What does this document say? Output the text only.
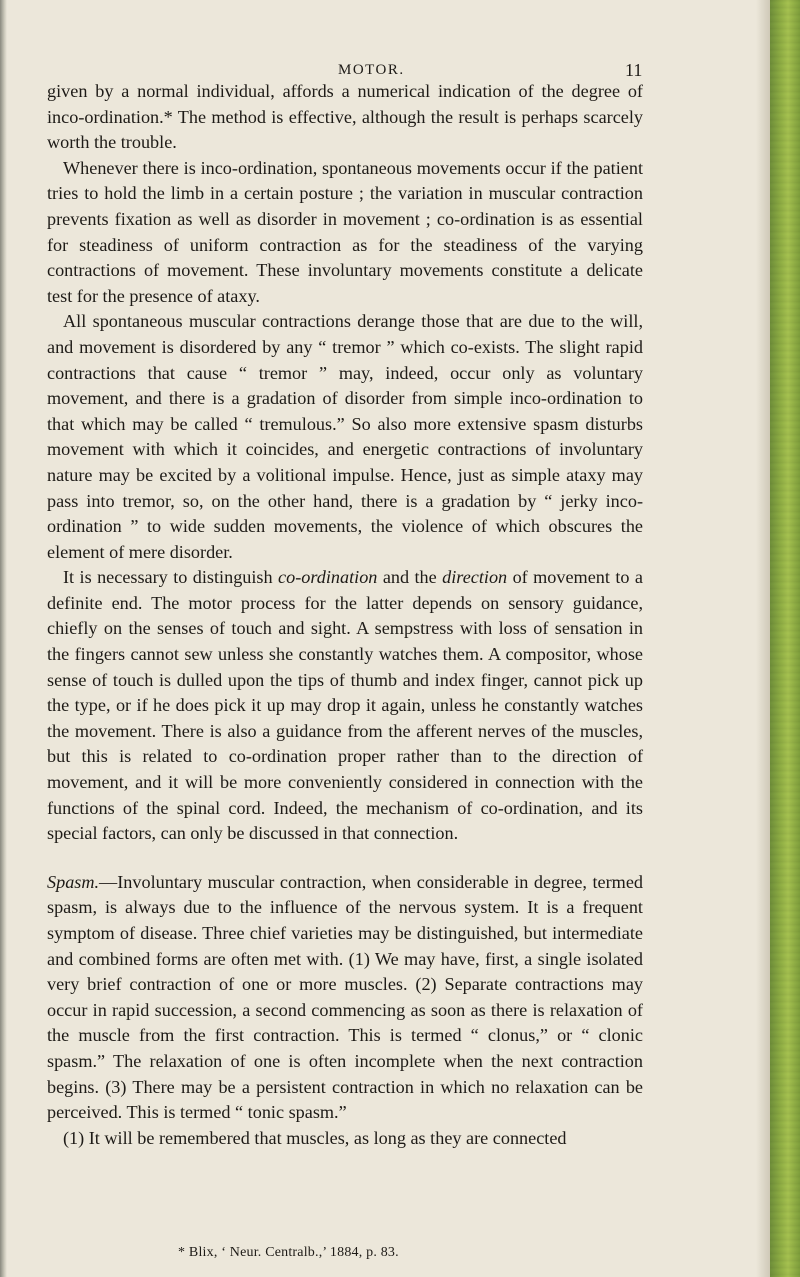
MOTOR.	11

given by a normal individual, affords a numerical indication of the degree of inco-ordination.* The method is effective, although the result is perhaps scarcely worth the trouble.

Whenever there is inco-ordination, spontaneous movements occur if the patient tries to hold the limb in a certain posture ; the variation in muscular contraction prevents fixation as well as disorder in movement ; co-ordination is as essential for steadiness of uniform contraction as for the steadiness of the varying contractions of movement. These involuntary movements constitute a delicate test for the presence of ataxy.

All spontaneous muscular contractions derange those that are due to the will, and movement is disordered by any “ tremor ” which co-exists. The slight rapid contractions that cause “ tremor ” may, indeed, occur only as voluntary movement, and there is a gradation of disorder from simple inco-ordination to that which may be called “ tremulous.” So also more extensive spasm disturbs movement with which it coincides, and energetic contractions of involuntary nature may be excited by a volitional impulse. Hence, just as simple ataxy may pass into tremor, so, on the other hand, there is a gradation by “ jerky inco-ordination ” to wide sudden movements, the violence of which obscures the element of mere disorder.

It is necessary to distinguish co-ordination and the direction of movement to a definite end. The motor process for the latter depends on sensory guidance, chiefly on the senses of touch and sight. A sempstress with loss of sensation in the fingers cannot sew unless she constantly watches them. A compositor, whose sense of touch is dulled upon the tips of thumb and index finger, cannot pick up the type, or if he does pick it up may drop it again, unless he constantly watches the movement. There is also a guidance from the afferent nerves of the muscles, but this is related to co-ordination proper rather than to the direction of movement, and it will be more conveniently considered in connection with the functions of the spinal cord. Indeed, the mechanism of co-ordination, and its special factors, can only be discussed in that connection.

Spasm.—Involuntary muscular contraction, when considerable in degree, termed spasm, is always due to the influence of the nervous system. It is a frequent symptom of disease. Three chief varieties may be distinguished, but intermediate and combined forms are often met with. (1) We may have, first, a single isolated very brief contraction of one or more muscles. (2) Separate contractions may occur in rapid succession, a second commencing as soon as there is relaxation of the muscle from the first contraction. This is termed “ clonus,” or “ clonic spasm.” The relaxation of one is often incomplete when the next contraction begins. (3) There may be a persistent contraction in which no relaxation can be perceived. This is termed “ tonic spasm.”

(1) It will be remembered that muscles, as long as they are connected

* Blix, ‘ Neur. Centralb.,’ 1884, p. 83.
